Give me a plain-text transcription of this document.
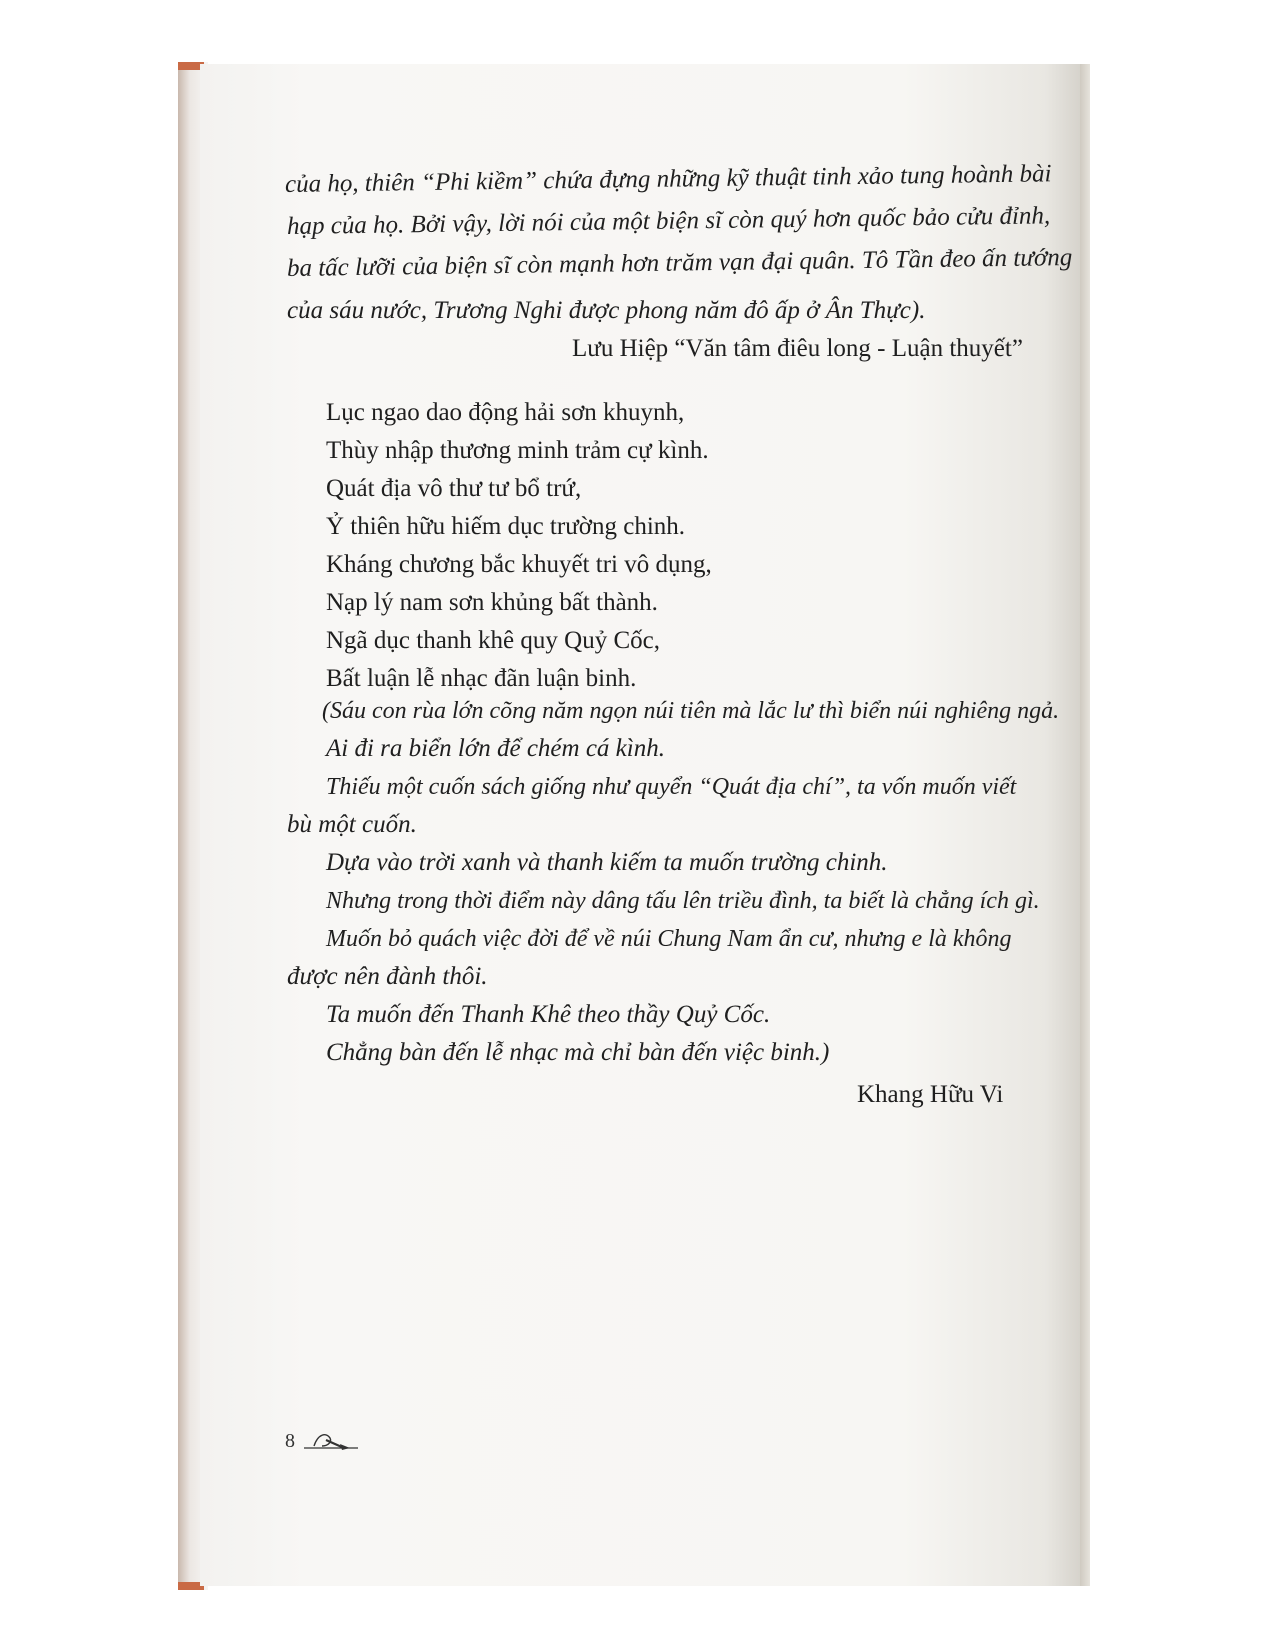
của họ, thiên “Phi kiềm” chứa đựng những kỹ thuật tinh xảo tung hoành bài
hạp của họ. Bởi vậy, lời nói của một biện sĩ còn quý hơn quốc bảo cửu đỉnh,
ba tấc lưỡi của biện sĩ còn mạnh hơn trăm vạn đại quân. Tô Tần đeo ấn tướng
của sáu nước, Trương Nghi được phong năm đô ấp ở Ân Thực).
Lưu Hiệp “Văn tâm điêu long - Luận thuyết”
Lục ngao dao động hải sơn khuynh,
Thùy nhập thương minh trảm cự kình.
Quát địa vô thư tư bổ trứ,
Ỷ thiên hữu hiếm dục trường chinh.
Kháng chương bắc khuyết tri vô dụng,
Nạp lý nam sơn khủng bất thành.
Ngã dục thanh khê quy Quỷ Cốc,
Bất luận lễ nhạc đãn luận binh.
(Sáu con rùa lớn cõng năm ngọn núi tiên mà lắc lư thì biển núi nghiêng ngả.
Ai đi ra biển lớn để chém cá kình.
Thiếu một cuốn sách giống như quyển “Quát địa chí”, ta vốn muốn viết
bù một cuốn.
Dựa vào trời xanh và thanh kiếm ta muốn trường chinh.
Nhưng trong thời điểm này dâng tấu lên triều đình, ta biết là chẳng ích gì.
Muốn bỏ quách việc đời để về núi Chung Nam ẩn cư, nhưng e là không
được nên đành thôi.
Ta muốn đến Thanh Khê theo thầy Quỷ Cốc.
Chẳng bàn đến lễ nhạc mà chỉ bàn đến việc binh.)
Khang Hữu Vi
8
